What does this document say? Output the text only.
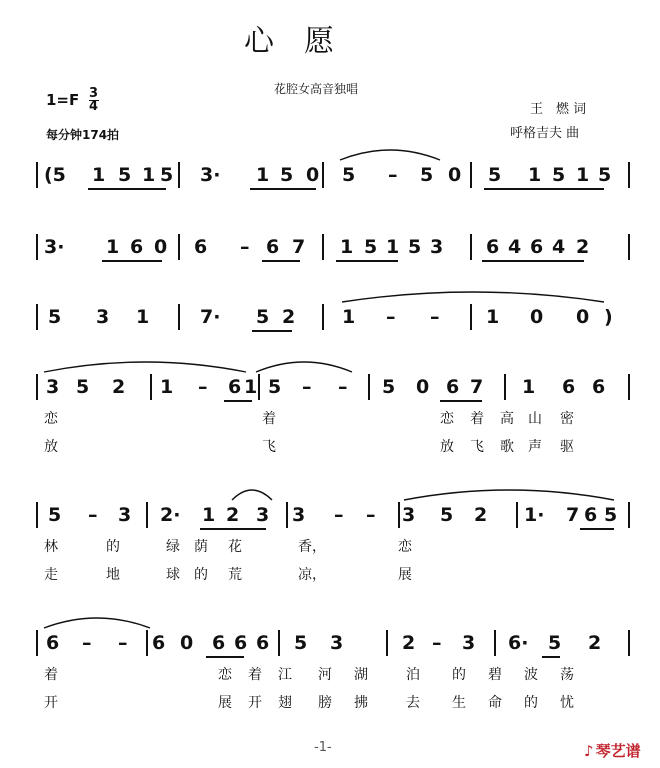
心　愿
花腔女高音独唱
$1=F \frac{3}{4}$
每分钟174拍
王　燃 词
呼格吉夫 曲
(5 1 5 1 5 3· 1 5 0 5 – 5 0 5 1 5 1 5
3· 1 6 0 6 – 6 7 1 5 1 5 3 6 4 6 4 2
5 3 1	7· 5 2 1 – – 1 0 0 )
3 5 2 1 – 6 1 5 – – 5 0 6 7 1 6 6
恋	着	恋 着 高 山 密
放	飞	放 飞 歌 声 驱
5 – 3 2· 1 2 3 3 – – 3 5 2 1· 7 6 5
林	的	绿 荫 花	香，	恋
走	地	球 的 荒	凉，	展
6 – – 6 0 6 6 6 5 3	2 – 3 6· 5 2
着	恋 着 江 河 湖	泊 的 碧 波 荡
开	展 开 翅 膀 拂	去 生 命 的 忧
-1-	♪ 琴艺谱
